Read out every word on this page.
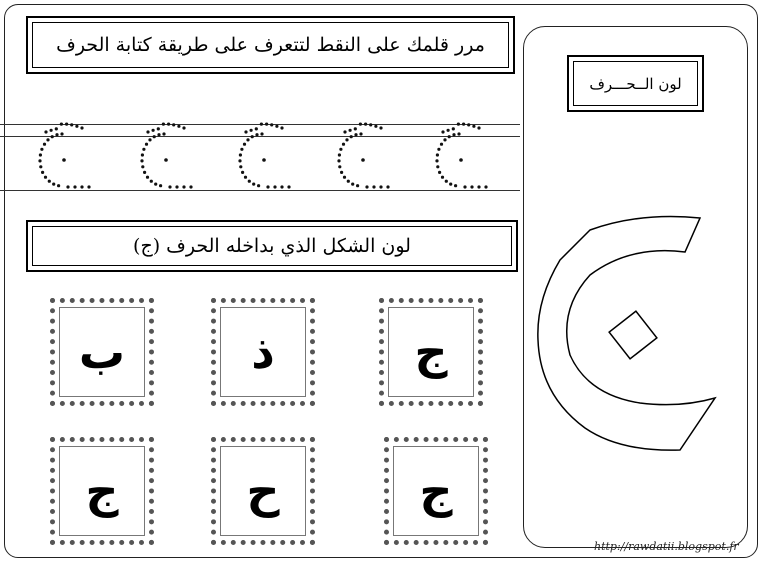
مرر قلمك على النقط لتتعرف على طريقة كتابة الحرف
لون الشكل الذي بداخله الحرف (ج)
ب	ذ	ج
ج	ح	ج
لون الــحـــرف
http://rawdatii.blogspot.fr
